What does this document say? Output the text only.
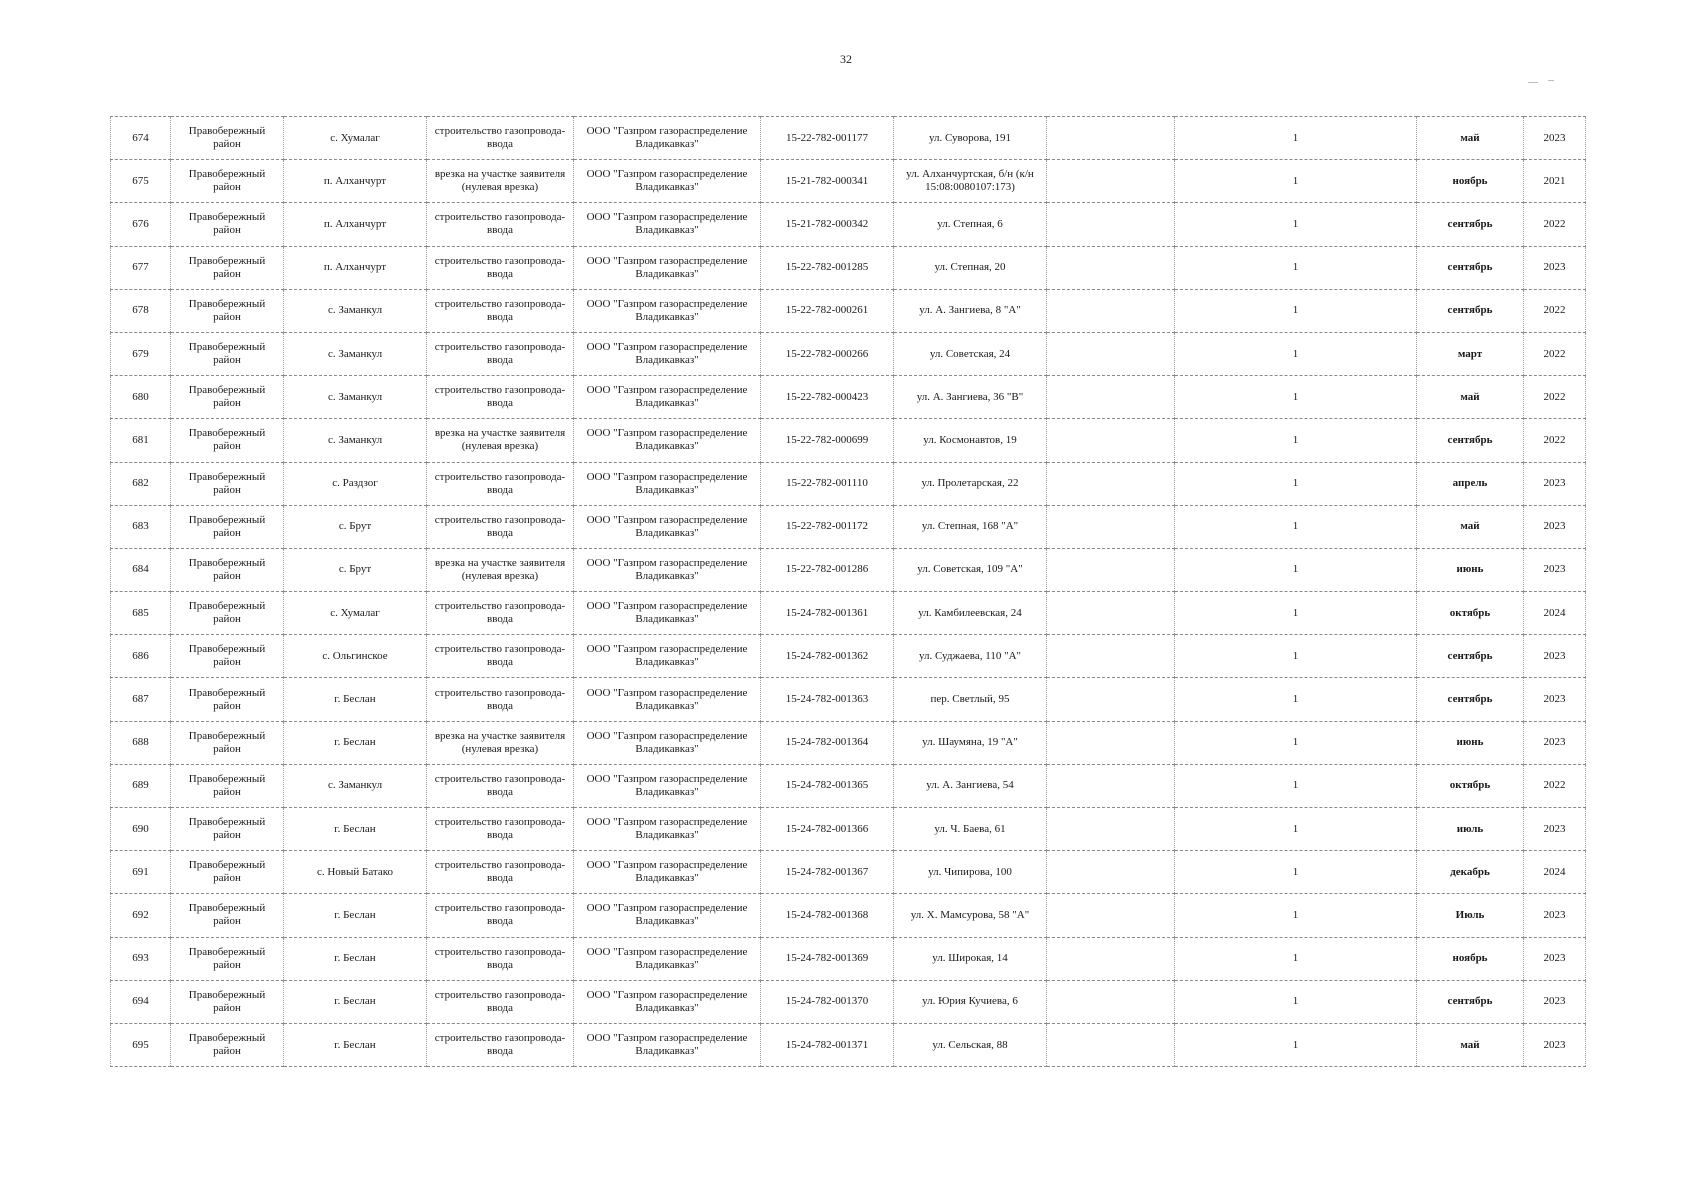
32
674	Правобережный район	с. Хумалаг	строительство газопровода-ввода	ООО "Газпром газораспределение Владикавказ"	15-22-782-001177	ул. Суворова, 191		1	май	2023
675	Правобережный район	п. Алханчурт	врезка на участке заявителя (нулевая врезка)	ООО "Газпром газораспределение Владикавказ"	15-21-782-000341	ул. Алханчуртская, б/н (к/н 15:08:0080107:173)		1	ноябрь	2021
676	Правобережный район	п. Алханчурт	строительство газопровода-ввода	ООО "Газпром газораспределение Владикавказ"	15-21-782-000342	ул. Степная, 6		1	сентябрь	2022
677	Правобережный район	п. Алханчурт	строительство газопровода-ввода	ООО "Газпром газораспределение Владикавказ"	15-22-782-001285	ул. Степная, 20		1	сентябрь	2023
678	Правобережный район	с. Заманкул	строительство газопровода-ввода	ООО "Газпром газораспределение Владикавказ"	15-22-782-000261	ул. А. Зангиева, 8 "А"		1	сентябрь	2022
679	Правобережный район	с. Заманкул	строительство газопровода-ввода	ООО "Газпром газораспределение Владикавказ"	15-22-782-000266	ул. Советская, 24		1	март	2022
680	Правобережный район	с. Заманкул	строительство газопровода-ввода	ООО "Газпром газораспределение Владикавказ"	15-22-782-000423	ул. А. Зангиева, 36 "В"		1	май	2022
681	Правобережный район	с. Заманкул	врезка на участке заявителя (нулевая врезка)	ООО "Газпром газораспределение Владикавказ"	15-22-782-000699	ул. Космонавтов, 19		1	сентябрь	2022
682	Правобережный район	с. Раздзог	строительство газопровода-ввода	ООО "Газпром газораспределение Владикавказ"	15-22-782-001110	ул. Пролетарская, 22		1	апрель	2023
683	Правобережный район	с. Брут	строительство газопровода-ввода	ООО "Газпром газораспределение Владикавказ"	15-22-782-001172	ул. Степная, 168 "А"		1	май	2023
684	Правобережный район	с. Брут	врезка на участке заявителя (нулевая врезка)	ООО "Газпром газораспределение Владикавказ"	15-22-782-001286	ул. Советская, 109 "А"		1	июнь	2023
685	Правобережный район	с. Хумалаг	строительство газопровода-ввода	ООО "Газпром газораспределение Владикавказ"	15-24-782-001361	ул. Камбилеевская, 24		1	октябрь	2024
686	Правобережный район	с. Ольгинское	строительство газопровода-ввода	ООО "Газпром газораспределение Владикавказ"	15-24-782-001362	ул. Суджаева, 110 "А"		1	сентябрь	2023
687	Правобережный район	г. Беслан	строительство газопровода-ввода	ООО "Газпром газораспределение Владикавказ"	15-24-782-001363	пер. Светлый, 95		1	сентябрь	2023
688	Правобережный район	г. Беслан	врезка на участке заявителя (нулевая врезка)	ООО "Газпром газораспределение Владикавказ"	15-24-782-001364	ул. Шаумяна, 19 "А"		1	июнь	2023
689	Правобережный район	с. Заманкул	строительство газопровода-ввода	ООО "Газпром газораспределение Владикавказ"	15-24-782-001365	ул. А. Зангиева, 54		1	октябрь	2022
690	Правобережный район	г. Беслан	строительство газопровода-ввода	ООО "Газпром газораспределение Владикавказ"	15-24-782-001366	ул. Ч. Баева, 61		1	июль	2023
691	Правобережный район	с. Новый Батако	строительство газопровода-ввода	ООО "Газпром газораспределение Владикавказ"	15-24-782-001367	ул. Чипирова, 100		1	декабрь	2024
692	Правобережный район	г. Беслан	строительство газопровода-ввода	ООО "Газпром газораспределение Владикавказ"	15-24-782-001368	ул. Х. Мамсурова, 58 "А"		1	Июль	2023
693	Правобережный район	г. Беслан	строительство газопровода-ввода	ООО "Газпром газораспределение Владикавказ"	15-24-782-001369	ул. Широкая, 14		1	ноябрь	2023
694	Правобережный район	г. Беслан	строительство газопровода-ввода	ООО "Газпром газораспределение Владикавказ"	15-24-782-001370	ул. Юрия Кучиева, 6		1	сентябрь	2023
695	Правобережный район	г. Беслан	строительство газопровода-ввода	ООО "Газпром газораспределение Владикавказ"	15-24-782-001371	ул. Сельская, 88		1	май	2023
